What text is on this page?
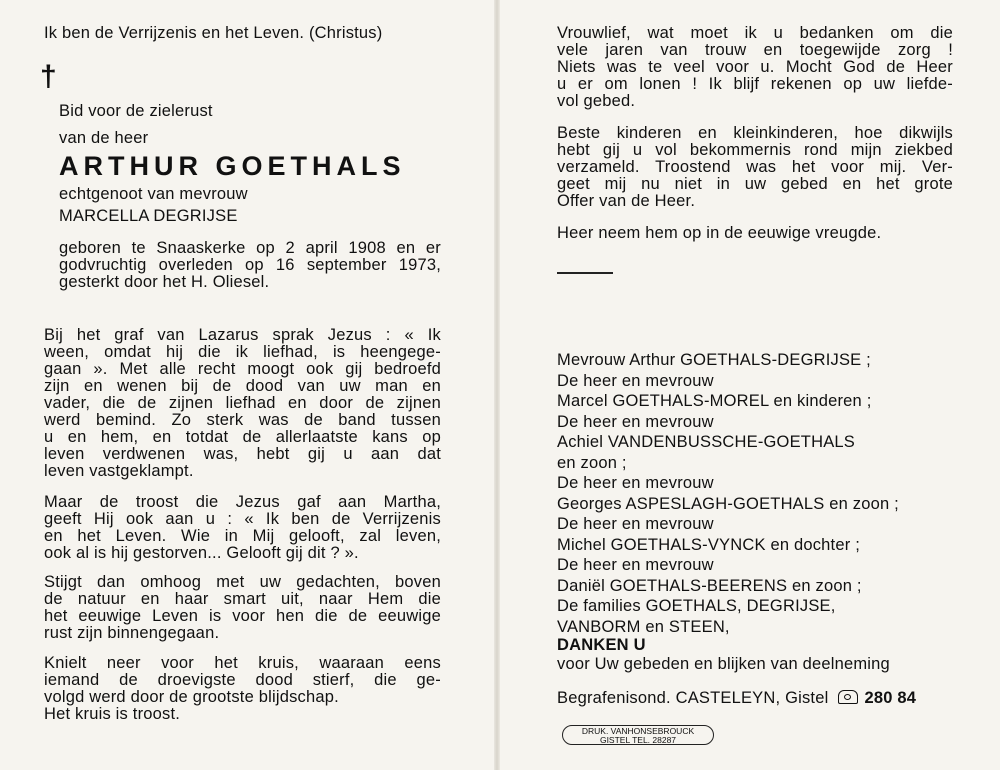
Ik ben de Verrijzenis en het Leven. (Christus)

†

Bid voor de zielerust

van de heer

ARTHUR GOETHALS

echtgenoot van mevrouw

MARCELLA DEGRIJSE

geboren te Snaaskerke op 2 april 1908 en er
godvruchtig overleden op 16 september 1973,
gesterkt door het H. Oliesel.
Bij het graf van Lazarus sprak Jezus : « Ik
ween, omdat hij die ik liefhad, is heengege-
gaan ». Met alle recht moogt ook gij bedroefd
zijn en wenen bij de dood van uw man en
vader, die de zijnen liefhad en door de zijnen
werd bemind. Zo sterk was de band tussen
u en hem, en totdat de allerlaatste kans op
leven verdwenen was, hebt gij u aan dat
leven vastgeklampt.
Maar de troost die Jezus gaf aan Martha,
geeft Hij ook aan u : « Ik ben de Verrijzenis
en het Leven. Wie in Mij gelooft, zal leven,
ook al is hij gestorven... Gelooft gij dit ? ».
Stijgt dan omhoog met uw gedachten, boven
de natuur en haar smart uit, naar Hem die
het eeuwige Leven is voor hen die de eeuwige
rust zijn binnengegaan.
Knielt neer voor het kruis, waaraan eens
iemand de droevigste dood stierf, die ge-
volgd werd door de grootste blijdschap.
Het kruis is troost.
Vrouwlief, wat moet ik u bedanken om die
vele jaren van trouw en toegewijde zorg !
Niets was te veel voor u. Mocht God de Heer
u er om lonen ! Ik blijf rekenen op uw liefde-
vol gebed.
Beste kinderen en kleinkinderen, hoe dikwijls
hebt gij u vol bekommernis rond mijn ziekbed
verzameld. Troostend was het voor mij. Ver-
geet mij nu niet in uw gebed en het grote
Offer van de Heer.

Heer neem hem op in de eeuwige vreugde.

Mevrouw Arthur GOETHALS-DEGRIJSE ;
De heer en mevrouw
Marcel GOETHALS-MOREL en kinderen ;
De heer en mevrouw
Achiel VANDENBUSSCHE-GOETHALS
en zoon ;
De heer en mevrouw
Georges ASPESLAGH-GOETHALS en zoon ;
De heer en mevrouw
Michel GOETHALS-VYNCK en dochter ;
De heer en mevrouw
Daniël GOETHALS-BEERENS en zoon ;
De families GOETHALS, DEGRIJSE,
VANBORM en STEEN,

DANKEN U

voor Uw gebeden en blijken van deelneming

Begrafenisond. CASTELEYN, Gistel 280 84

DRUK. VANHONSEBROUCK
GISTEL TEL. 28287
